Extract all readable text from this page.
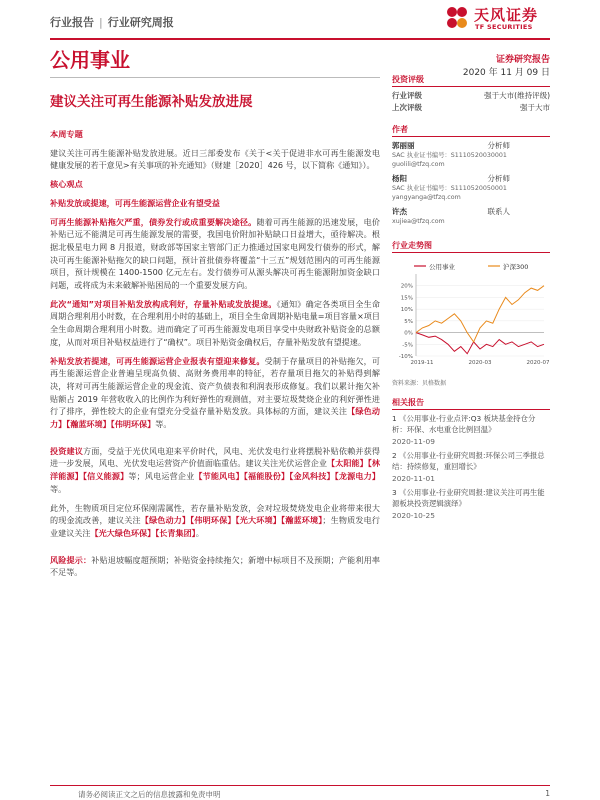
行业报告 | 行业研究周报	天风证券
TF SECURITIES
公用事业	证券研究报告
2020 年 11 月 09 日
建议关注可再生能源补贴发放进展
本周专题
建议关注可再生能源补贴发放进展。近日三部委发布《关于<关于促进非水可再生能源发电健康发展的若干意见>有关事项的补充通知》（财建［2020］426 号，以下简称《通知》）。
核心观点
补贴发放或提速，可再生能源运营企业有望受益
可再生能源补贴拖欠严重，债券发行或成重要解决途径。随着可再生能源的迅速发展，电价补贴已远不能满足可再生能源发展的需要，我国电价附加补贴缺口日益增大，亟待解决。根据北极星电力网 8 月报道，财政部等国家主管部门正力推通过国家电网发行债券的形式，解决可再生能源补贴拖欠的缺口问题，预计首批债券将覆盖“十三五”规划范围内的可再生能源项目，预计规模在 1400-1500 亿元左右。发行债券可从源头解决可再生能源附加资金缺口问题，或将成为未来破解补贴困局的一个重要发展方向。
此次“通知”对项目补贴发放构成利好，存量补贴或发放提速。《通知》确定各类项目全生命周期合理利用小时数，在合理利用小时的基础上，项目全生命周期补贴电量=项目容量×项目全生命周期合理利用小时数。进而确定了可再生能源发电项目享受中央财政补贴资金的总额度，从而对项目补贴权益进行了“确权”。项目补贴资金确权后，存量补贴发放有望提速。
补贴发放若提速，可再生能源运营企业报表有望迎来修复。受制于存量项目的补贴拖欠，可再生能源运营企业普遍呈现高负债、高财务费用率的特征，若存量项目拖欠的补贴得到解决，将对可再生能源运营企业的现金流、资产负债表和利润表形成修复。我们以累计拖欠补贴额占 2019 年营收收入的比例作为利好弹性的观测值，对主要垃圾焚烧企业的利好弹性进行了排序，弹性较大的企业有望充分受益存量补贴发放。具体标的方面，建议关注【绿色动力】【瀚蓝环境】【伟明环保】等。
投资建议方面，受益于光伏风电迎来平价时代，风电、光伏发电行业将摆脱补贴依赖并获得进一步发展，风电、光伏发电运营资产价值面临重估。建议关注光伏运营企业【太阳能】【林洋能源】【信义能源】等；风电运营企业【节能风电】【福能股份】【金风科技】【龙源电力】等。
此外，生物质项目定位环保刚需属性，若存量补贴发放，会对垃圾焚烧发电企业将带来很大的现金流改善，建议关注【绿色动力】【伟明环保】【光大环境】【瀚蓝环境】；生物质发电行业建议关注【光大绿色环保】【长青集团】。
风险提示：补贴退坡幅度超预期；补贴资金持续拖欠；新增中标项目不及预期；产能利用率不足等。
投资评级
行业评级	强于大市(维持评级)
上次评级	强于大市
作者
郭丽丽	分析师
SAC 执业证书编号：S1110520030001
guolili@tfzq.com
杨阳	分析师
SAC 执业证书编号：S1110520050001
yangyanga@tfzq.com
许杰	联系人
xujiea@tfzq.com
行业走势图
公用事业	沪深300
20%
15%
10%
5%
0%
-5%
-10%
2019-11	2020-03	2020-07
资料来源：贝格数据
相关报告
1 《公用事业-行业点评:Q3 板块基金持仓分析：环保、水电重仓比例回温》
2020-11-09
2 《公用事业-行业研究周报:环保公司三季报总结：持续修复，重回增长》
2020-11-01
3 《公用事业-行业研究周报:建议关注可再生能源板块投资逻辑演绎》
2020-10-25
请务必阅读正文之后的信息披露和免责申明	1
